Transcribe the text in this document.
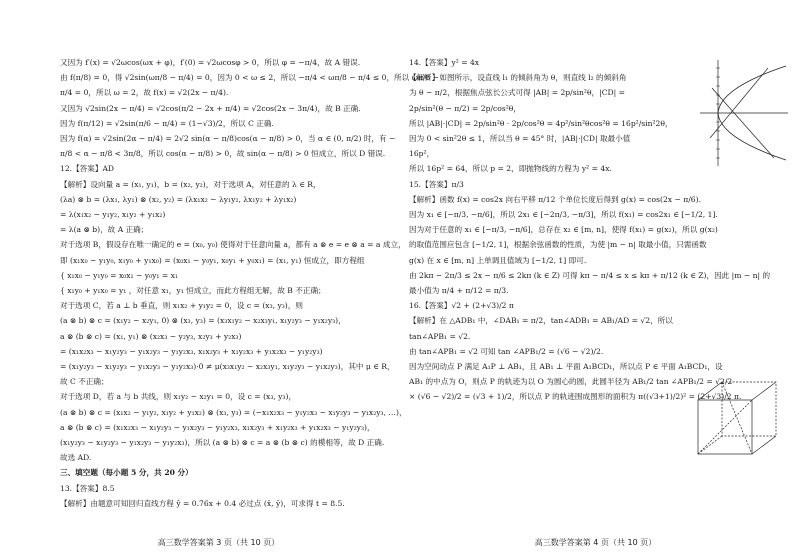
又因为 f′(x) = √2ωcos(ωx + φ)，f′(0) = √2ωcosφ > 0，所以 φ = −π/4，故 A 错误.
由 f(π/8) = 0，得 √2sin(ωπ/8 − π/4) = 0，因为 0 < ω ≤ 2，所以 −π/4 < ωπ/8 − π/4 ≤ 0，所以 ωπ/8 −
π/4 = 0，所以 ω = 2，故 f(x) = √2(2x − π/4).
又因为 √2sin(2x − π/4) = √2cos(π/2 − 2x + π/4) = √2cos(2x − 3π/4)，故 B 正确.
因为 f(π/12) = √2sin(π/6 − π/4) = (1−√3)/2，所以 C 正确.
因为 f(α) = √2sin(2α − π/4) = 2√2 sin(α − π/8)cos(α − π/8) > 0，当 α ∈ (0, π/2) 时，有 −
π/8 < α − π/8 < 3π/8，所以 cos(α − π/8) > 0，故 sin(α − π/8) > 0 恒成立，所以 D 错误.
12.【答案】AD
【解析】设向量 a = (x₁, y₁)，b = (x₂, y₂)，对于选项 A，对任意的 λ ∈ R，
(λa) ⊗ b = (λx₁, λy₁) ⊗ (x₂, y₂) = (λx₁x₂ − λy₁y₂, λx₁y₂ + λy₁x₂)
= λ(x₁x₂ − y₁y₂, x₁y₂ + y₁x₂)
= λ(a ⊗ b)，故 A 正确；
对于选项 B，假设存在唯一确定的 e = (x₀, y₀) 使得对于任意向量 a，都有 a ⊗ e = e ⊗ a = a 成立，
即 (x₁x₀ − y₁y₀, x₁y₀ + y₁x₀) = (x₀x₁ − y₀y₁, x₀y₁ + y₀x₁) = (x₁, y₁) 恒成立，即方程组
{ x₁x₀ − y₁y₀ = x₀x₁ − y₀y₁ = x₁
{ x₁y₀ + y₁x₀ = y₁ ，对任意 x₁，y₁ 恒成立，而此方程组无解，故 B 不正确；
对于选项 C，若 a ⊥ b 垂直，则 x₁x₂ + y₁y₂ = 0，设 c = (x₃, y₃)，则
(a ⊗ b) ⊗ c = (x₁y₂ − x₂y₁, 0) ⊗ (x₃, y₃) = (x₃x₁y₂ − x₂x₃y₁, x₁y₂y₃ − y₁x₂y₃)，
a ⊗ (b ⊗ c) = (x₁, y₁) ⊗ (x₂x₃ − y₂y₃, x₂y₃ + y₂x₃)
= (x₁x₂x₃ − x₁y₂y₃ − y₁x₂y₃ − y₁y₂x₃, x₁x₂y₃ + x₁y₂x₃ + y₁x₂x₃ − y₁y₂y₃)
= (x₁y₂y₃ − x₁y₂y₃ − y₁x₂y₃ − y₁y₂x₃)·0 ≠ μ(x₃x₁y₂ − x₂x₃y₁, x₁y₂y₃ − y₁x₂y₃)，其中 μ ∈ R，
故 C 不正确；
对于选项 D，若 a 与 b 共线，则 x₁y₂ − x₂y₁ = 0，设 c = (x₃, y₃)，
(a ⊗ b) ⊗ c = (x₁x₂ − y₁y₂, x₁y₂ + y₁x₂) ⊗ (x₃, y₃) = (−x₁x₂x₃ − y₁y₂x₃ − x₁y₂y₃ − y₁x₂y₃, …)，
a ⊗ (b ⊗ c) = (x₁x₂x₃ − x₁y₂y₃ − y₁x₂y₃ − y₁y₂x₃, x₁x₂y₃ + x₁y₂x₃ + y₁x₂x₃ − y₁y₂y₃)，
(x₁y₂y₃ − x₁y₂y₃ − y₁x₂y₃ − y₁y₂x₃)，所以 (a ⊗ b) ⊗ c = a ⊗ (b ⊗ c) 的模相等，故 D 正确.
故选 AD.
三、填空题（每小题 5 分，共 20 分）
13.【答案】8.5
【解析】由题意可知回归直线方程 ŷ = 0.76x + 0.4 必过点 (x̄, ȳ)，可求得 t = 8.5.
高三数学答案第 3 页（共 10 页）
14.【答案】y² = 4x
【解析】如图所示，设直线 l₁ 的倾斜角为 θ，则直线 l₂ 的倾斜角
为 θ − π/2，根据焦点弦长公式可得 |AB| = 2p/sin²θ，|CD| =
2p/sin²(θ − π/2) = 2p/cos²θ，
所以 |AB|·|CD| = 2p/sin²θ · 2p/cos²θ = 4p²/sin²θcos²θ = 16p²/sin²2θ，
因为 0 < sin²2θ ≤ 1，所以当 θ = 45° 时，|AB|·|CD| 取最小值
16p²，
所以 16p² = 64，所以 p = 2，即抛物线的方程为 y² = 4x.
15.【答案】π/3
【解析】函数 f(x) = cos2x 向右平移 π/12 个单位长度后得到 g(x) = cos(2x − π/6).
因为 x₁ ∈ [−π/3, −π/6]，所以 2x₁ ∈ [−2π/3, −π/3]，所以 f(x₁) = cos2x₁ ∈ [−1/2, 1].
因为对于任意的 x₁ ∈ [−π/3, −π/6]，总存在 x₂ ∈ [m, n]，使得 f(x₁) = g(x₂)，所以 g(x₂)
的取值范围应包含 [−1/2, 1]，根据余弦函数的性质，为使 |m − n| 取最小值，只需函数
g(x) 在 x ∈ [m, n] 上单调且值域为 [−1/2, 1] 即可.
由 2kπ − 2π/3 ≤ 2x − π/6 ≤ 2kπ (k ∈ Z) 可得 kπ − π/4 ≤ x ≤ kπ + π/12 (k ∈ Z)，因此 |m − n| 的
最小值为 π/4 + π/12 = π/3.
16.【答案】√2 + (2+√3)/2 π
【解析】在 △ADB₁ 中，∠DAB₁ = π/2，tan∠ADB₁ = AB₁/AD = √2，所以
tan∠APB₁ = √2.
由 tan∠APB₁ = √2 可知 tan ∠APB₁/2 = (√6 − √2)/2.
因为空间动点 P 满足 A₁P ⊥ AB₁，且 AB₁ ⊥ 平面 A₁BCD₁，所以点 P ∈ 平面 A₁BCD₁，设
AB₁ 的中点为 O，则点 P 的轨迹为以 O 为圆心的圆，此圆半径为 AB₁/2 tan ∠APB₁/2 = √2/2
× (√6 − √2)/2 = (√3 + 1)/2，所以点 P 的轨迹围成图形的面积为 π((√3+1)/2)² = (2+√3)/2 π.
高三数学答案第 4 页（共 10 页）
